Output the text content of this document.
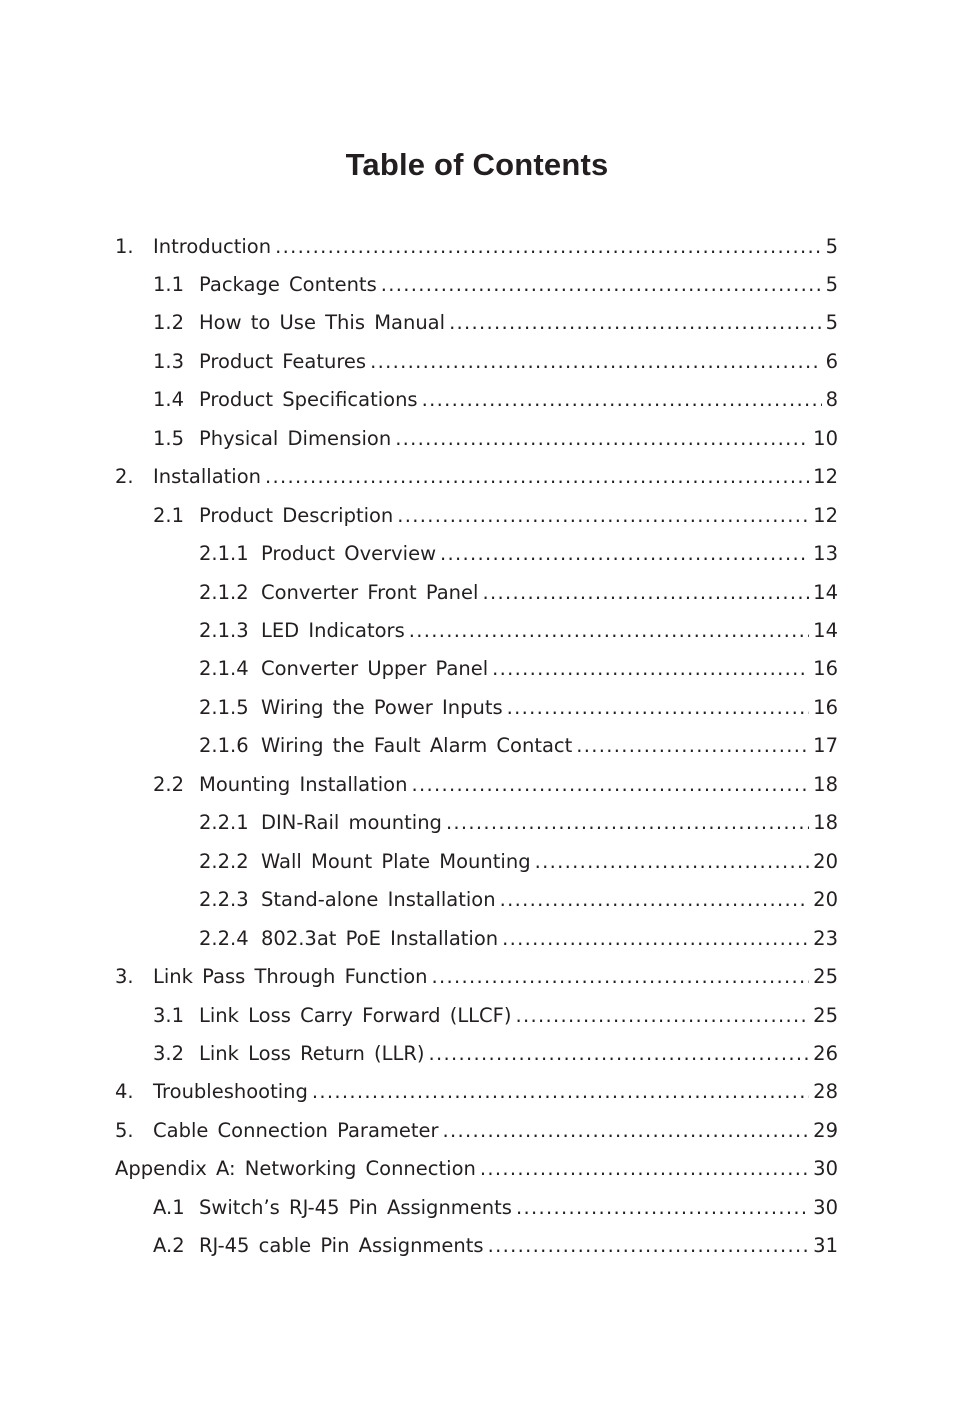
Table of Contents
1. Introduction .....	5
1.1 Package Contents .....	5
1.2 How to Use This Manual .....	5
1.3 Product Features .....	6
1.4 Product Specifications .....	8
1.5 Physical Dimension .....	10
2. Installation .....	12
2.1 Product Description .....	12
2.1.1 Product Overview .....	13
2.1.2 Converter Front Panel .....	14
2.1.3 LED Indicators .....	14
2.1.4 Converter Upper Panel .....	16
2.1.5 Wiring the Power Inputs .....	16
2.1.6 Wiring the Fault Alarm Contact .....	17
2.2 Mounting Installation .....	18
2.2.1 DIN-Rail mounting .....	18
2.2.2 Wall Mount Plate Mounting .....	20
2.2.3 Stand-alone Installation .....	20
2.2.4 802.3at PoE Installation .....	23
3. Link Pass Through Function .....	25
3.1 Link Loss Carry Forward (LLCF) .....	25
3.2 Link Loss Return (LLR) .....	26
4. Troubleshooting .....	28
5. Cable Connection Parameter .....	29
Appendix A: Networking Connection .....	30
A.1 Switch’s RJ-45 Pin Assignments .....	30
A.2 RJ-45 cable Pin Assignments .....	31
